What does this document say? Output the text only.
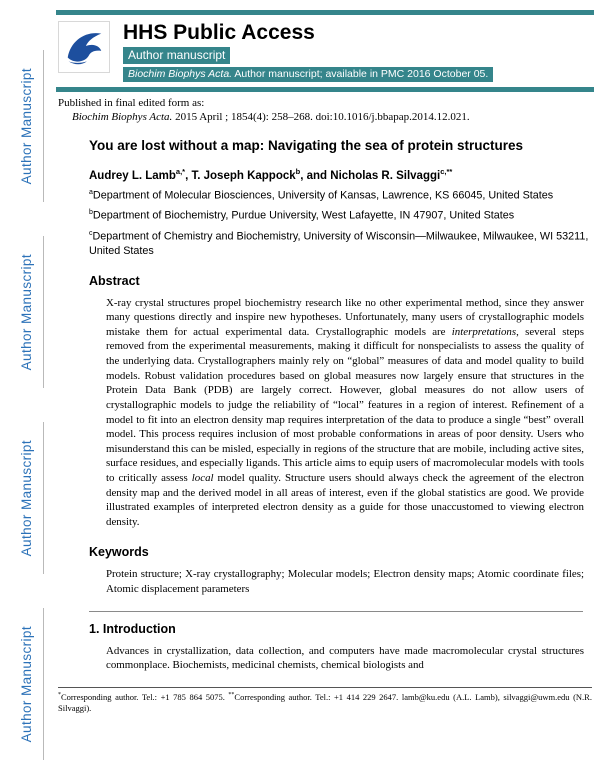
Author Manuscript
Author Manuscript
Author Manuscript
Author Manuscript
HHS Public Access
Author manuscript
Biochim Biophys Acta. Author manuscript; available in PMC 2016 October 05.
Published in final edited form as:
Biochim Biophys Acta. 2015 April ; 1854(4): 258–268. doi:10.1016/j.bbapap.2014.12.021.
You are lost without a map: Navigating the sea of protein structures

Audrey L. Lamb$^{a,*}$, T. Joseph Kappock$^b$, and Nicholas R. Silvaggi$^{c,**}$

$^a$Department of Molecular Biosciences, University of Kansas, Lawrence, KS 66045, United States

$^b$Department of Biochemistry, Purdue University, West Lafayette, IN 47907, United States

$^c$Department of Chemistry and Biochemistry, University of Wisconsin—Milwaukee, Milwaukee, WI 53211, United States

Abstract

X-ray crystal structures propel biochemistry research like no other experimental method, since they answer many questions directly and inspire new hypotheses. Unfortunately, many users of crystallographic models mistake them for actual experimental data. Crystallographic models are interpretations, several steps removed from the experimental measurements, making it difficult for nonspecialists to assess the quality of the underlying data. Crystallographers mainly rely on “global” measures of data and model quality to build models. Robust validation procedures based on global measures now largely ensure that structures in the Protein Data Bank (PDB) are largely correct. However, global measures do not allow users of crystallographic models to judge the reliability of “local” features in a region of interest. Refinement of a model to fit into an electron density map requires interpretation of the data to produce a single “best” overall model. This process requires inclusion of most probable conformations in areas of poor density. Users who misunderstand this can be misled, especially in regions of the structure that are mobile, including active sites, surface residues, and especially ligands. This article aims to equip users of macromolecular models with tools to critically assess local model quality. Structure users should always check the agreement of the electron density map and the derived model in all areas of interest, even if the global statistics are good. We provide illustrated examples of interpreted electron density as a guide for those unaccustomed to viewing electron density.

Keywords

Protein structure; X-ray crystallography; Molecular models; Electron density maps; Atomic coordinate files; Atomic displacement parameters

1. Introduction

Advances in crystallization, data collection, and computers have made macromolecular crystal structures commonplace. Biochemists, medicinal chemists, chemical biologists and

*Corresponding author. Tel.: +1 785 864 5075. **Corresponding author. Tel.: +1 414 229 2647. lamb@ku.edu (A.L. Lamb), silvaggi@uwm.edu (N.R. Silvaggi).
